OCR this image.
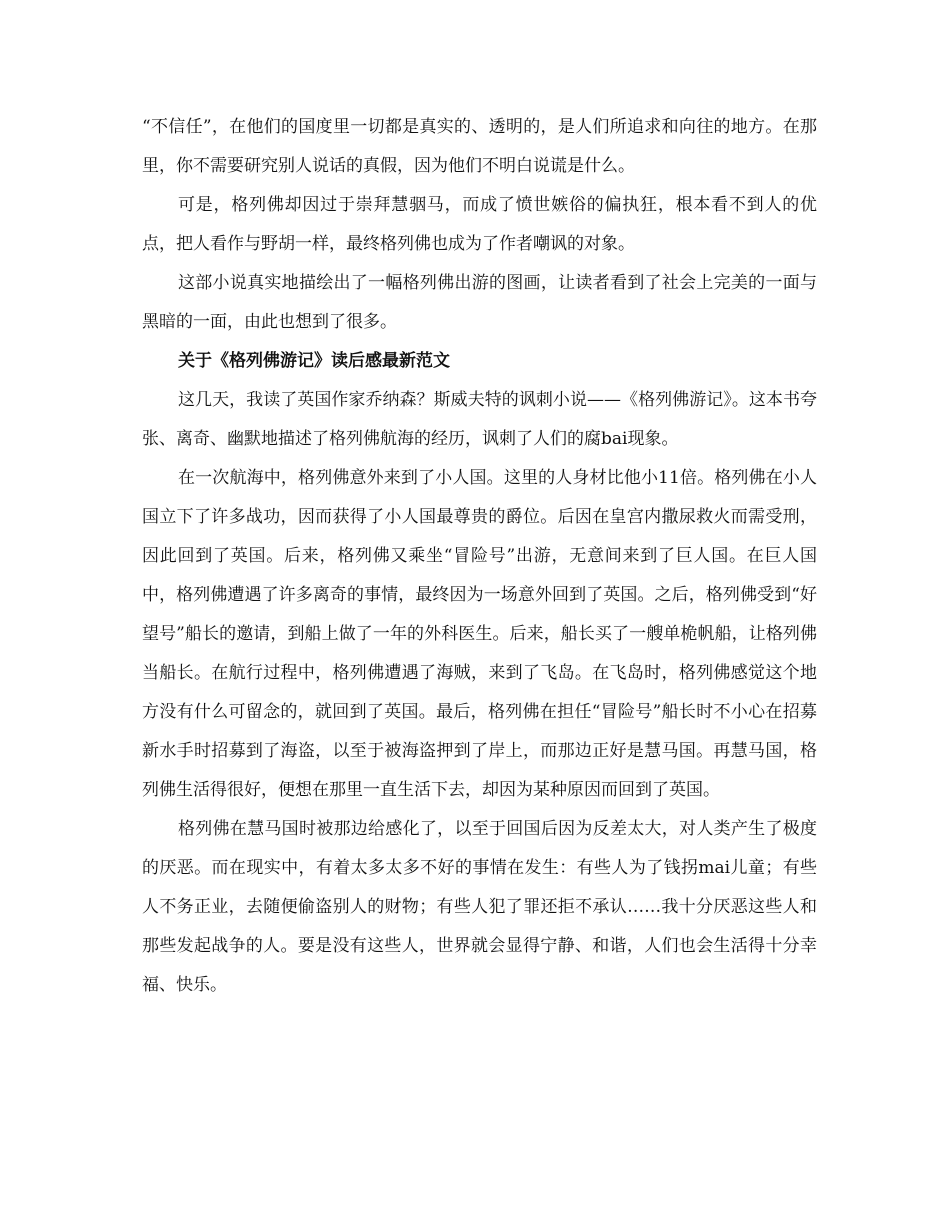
“不信任”，在他们的国度里一切都是真实的、透明的，是人们所追求和向往的地方。在那里，你不需要研究别人说话的真假，因为他们不明白说谎是什么。

可是，格列佛却因过于崇拜慧骃马，而成了愤世嫉俗的偏执狂，根本看不到人的优点，把人看作与野胡一样，最终格列佛也成为了作者嘲讽的对象。

这部小说真实地描绘出了一幅格列佛出游的图画，让读者看到了社会上完美的一面与黑暗的一面，由此也想到了很多。

关于《格列佛游记》读后感最新范文

这几天，我读了英国作家乔纳森？斯威夫特的讽刺小说——《格列佛游记》。这本书夸张、离奇、幽默地描述了格列佛航海的经历，讽刺了人们的腐bai现象。

在一次航海中，格列佛意外来到了小人国。这里的人身材比他小11倍。格列佛在小人国立下了许多战功，因而获得了小人国最尊贵的爵位。后因在皇宫内撒尿救火而需受刑，因此回到了英国。后来，格列佛又乘坐“冒险号”出游，无意间来到了巨人国。在巨人国中，格列佛遭遇了许多离奇的事情，最终因为一场意外回到了英国。之后，格列佛受到“好望号”船长的邀请，到船上做了一年的外科医生。后来，船长买了一艘单桅帆船，让格列佛当船长。在航行过程中，格列佛遭遇了海贼，来到了飞岛。在飞岛时，格列佛感觉这个地方没有什么可留念的，就回到了英国。最后，格列佛在担任“冒险号”船长时不小心在招募新水手时招募到了海盗，以至于被海盗押到了岸上，而那边正好是慧马国。再慧马国，格列佛生活得很好，便想在那里一直生活下去，却因为某种原因而回到了英国。

格列佛在慧马国时被那边给感化了，以至于回国后因为反差太大，对人类产生了极度的厌恶。而在现实中，有着太多太多不好的事情在发生：有些人为了钱拐mai儿童；有些人不务正业，去随便偷盗别人的财物；有些人犯了罪还拒不承认……我十分厌恶这些人和那些发起战争的人。要是没有这些人，世界就会显得宁静、和谐，人们也会生活得十分幸福、快乐。
